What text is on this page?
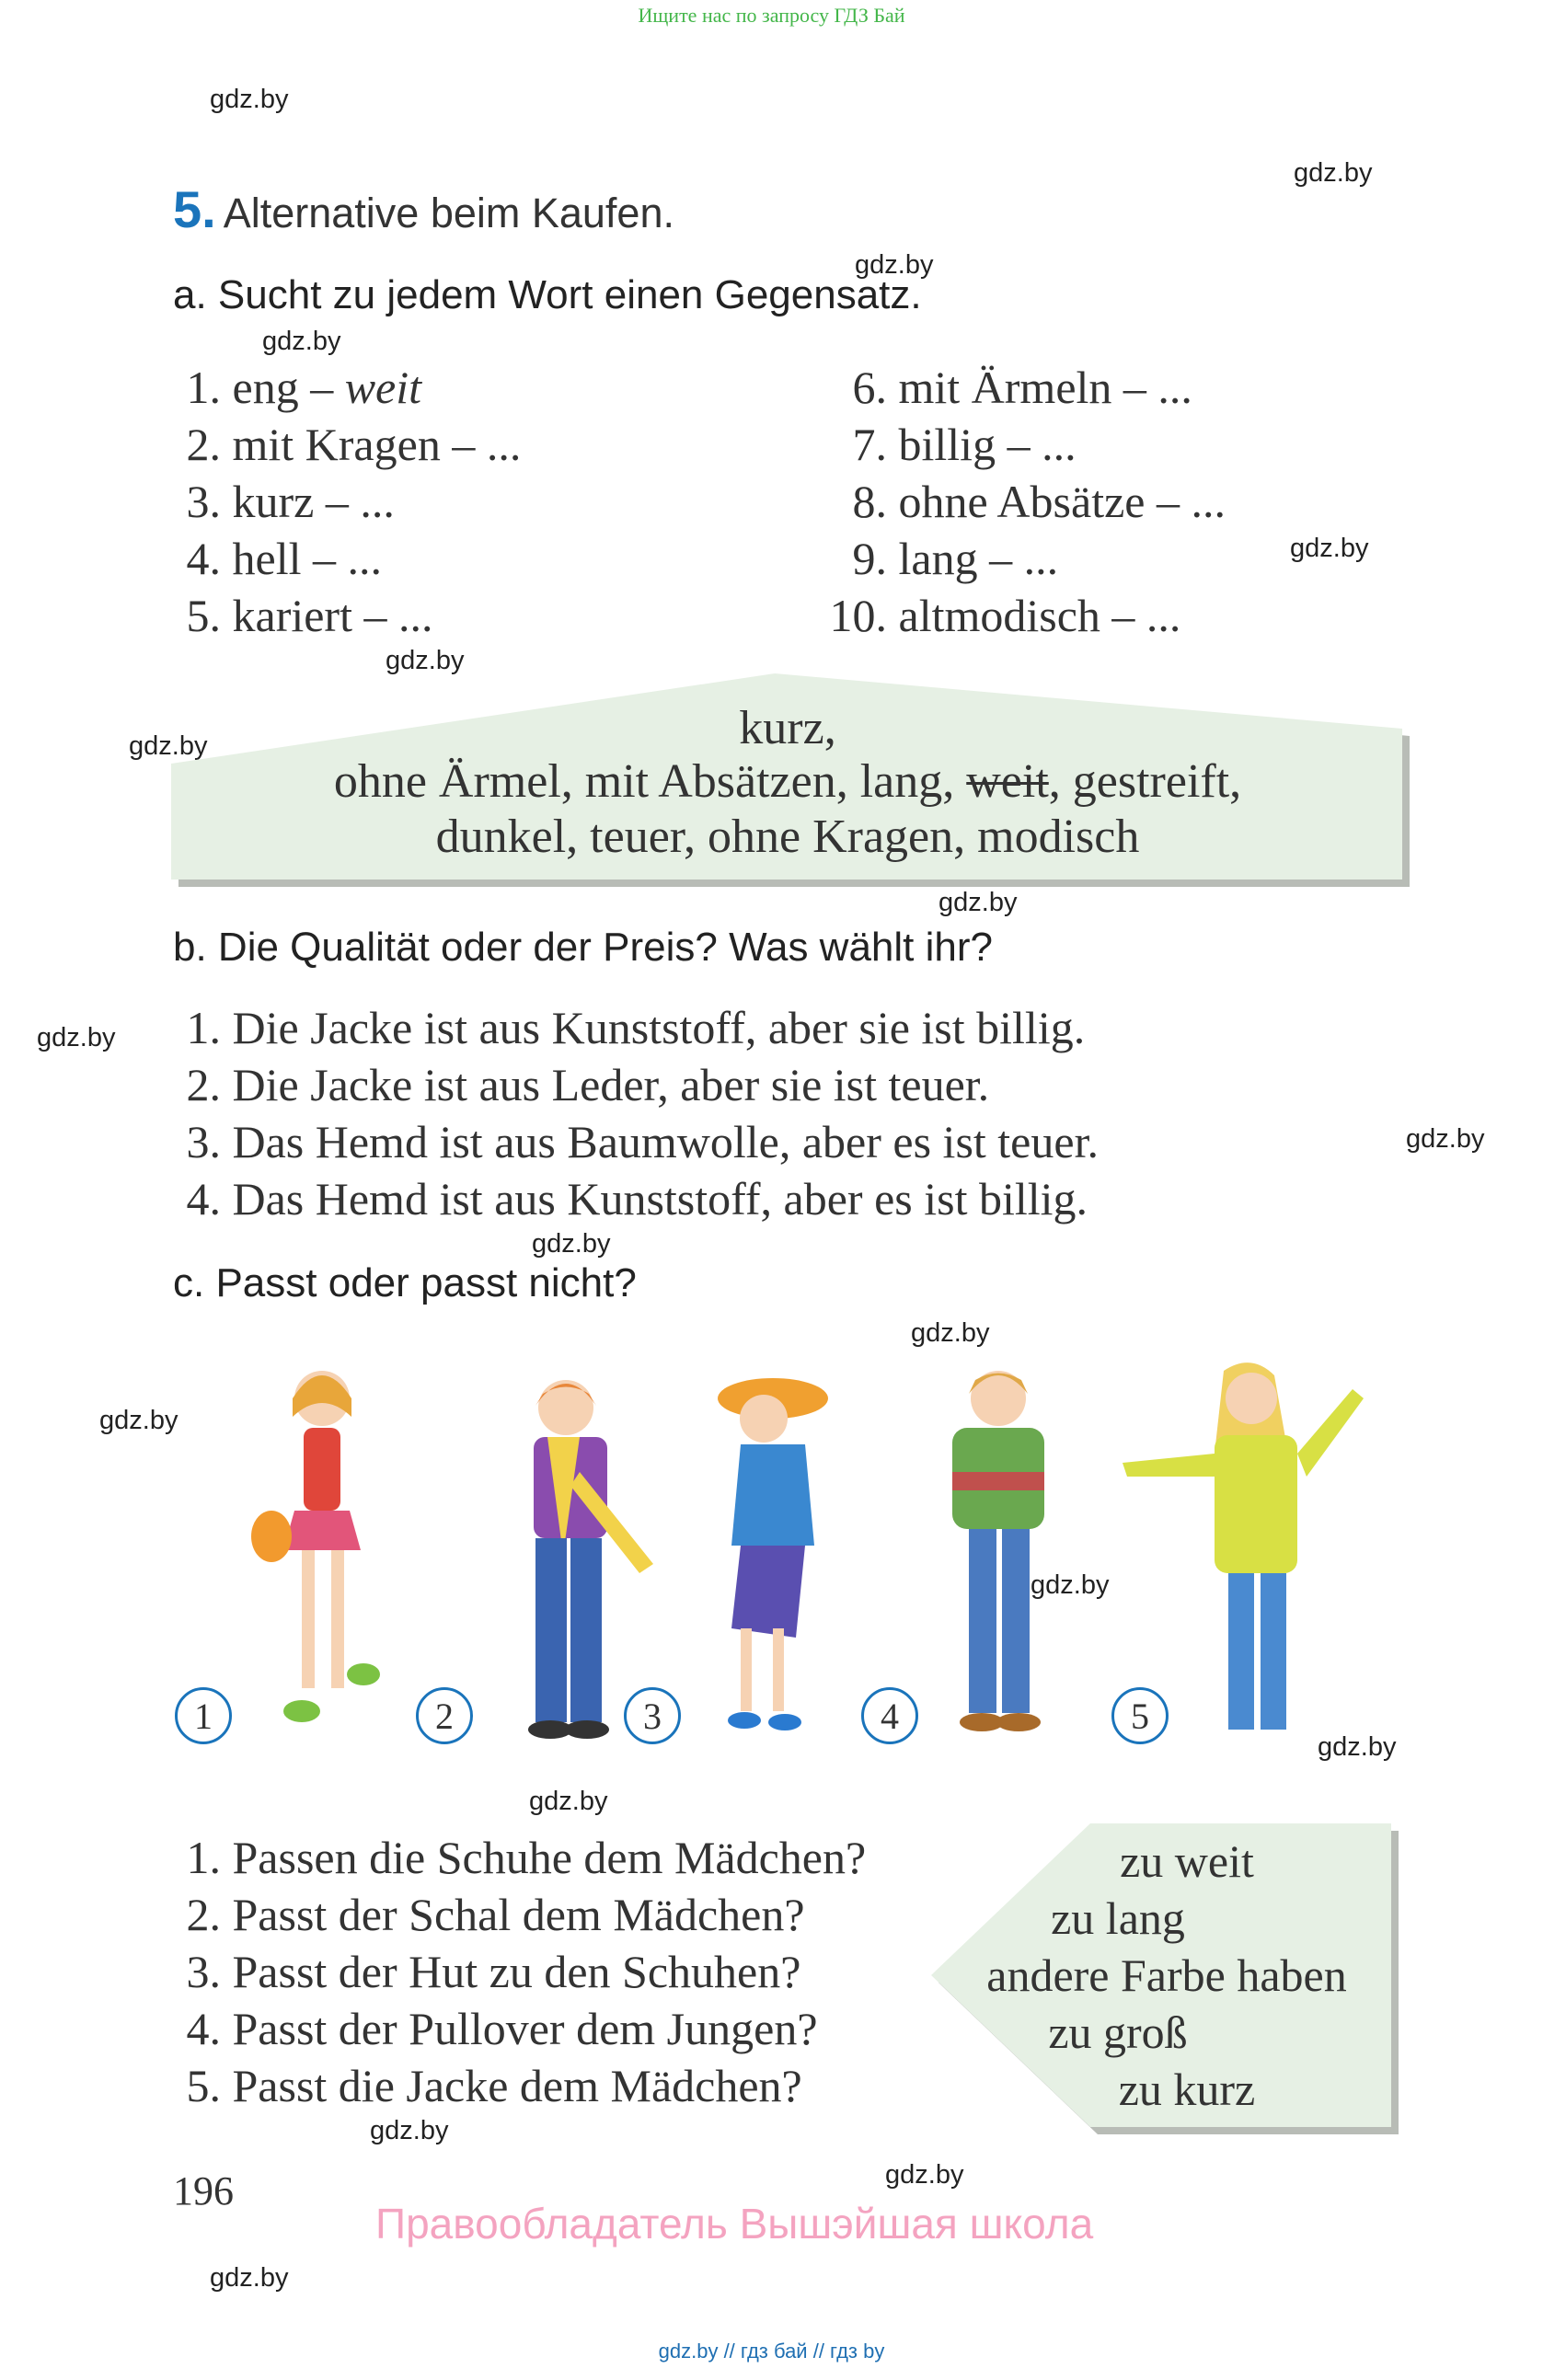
Ищите нас по запросу ГДЗ Бай
gdz.by
gdz.by
gdz.by
gdz.by
gdz.by
gdz.by
gdz.by
gdz.by
gdz.by
gdz.by
gdz.by
gdz.by
gdz.by
gdz.by
gdz.by
gdz.by
gdz.by
gdz.by
gdz.by
5. Alternative beim Kaufen.
a. Sucht zu jedem Wort einen Gegensatz.
1. eng – weit
2. mit Kragen – ...
3. kurz – ...
4. hell – ...
5. kariert – ...
6. mit Ärmeln – ...
7. billig – ...
8. ohne Absätze – ...
9. lang – ...
10. altmodisch – ...
kurz,
ohne Ärmel, mit Absätzen, lang, weit, gestreift,
dunkel, teuer, ohne Kragen, modisch
b. Die Qualität oder der Preis? Was wählt ihr?
1. Die Jacke ist aus Kunststoff, aber sie ist billig.
2. Die Jacke ist aus Leder, aber sie ist teuer.
3. Das Hemd ist aus Baumwolle, aber es ist teuer.
4. Das Hemd ist aus Kunststoff, aber es ist billig.
c. Passt oder passt nicht?
1	2	3	4	5
1. Passen die Schuhe dem Mädchen?
2. Passt der Schal dem Mädchen?
3. Passt der Hut zu den Schuhen?
4. Passt der Pullover dem Jungen?
5. Passt die Jacke dem Mädchen?
zu weit
zu lang
andere Farbe haben
zu groß
zu kurz
196
Правообладатель Вышэйшая школа
gdz.by // гдз бай // гдз by
